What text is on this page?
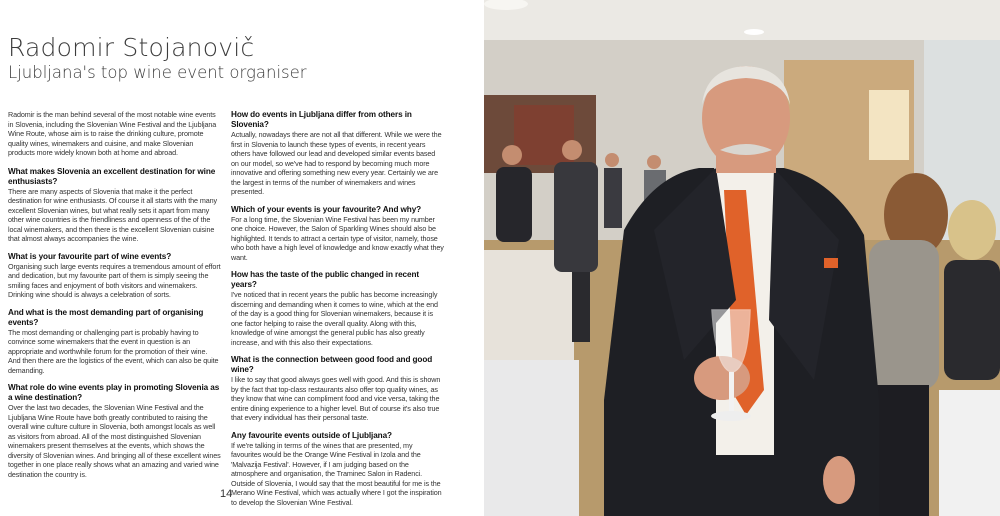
Radomir Stojanovič
Ljubljana's top wine event organiser

Radomir is the man behind several of the most notable wine events in Slovenia, including the Slovenian Wine Festival and the Ljubljana Wine Route, whose aim is to raise the drinking culture, promote quality wines, winemakers and cuisine, and make Slovenian products more widely known both at home and abroad.

What makes Slovenia an excellent destination for wine enthusiasts?

There are many aspects of Slovenia that make it the perfect destination for wine enthusiasts. Of course it all starts with the many excellent Slovenian wines, but what really sets it apart from many other wine countries is the friendliness and openness of the of the local winemakers, and then there is the excellent Slovenian cuisine that almost always accompanies the wine.

What is your favourite part of wine events?

Organising such large events requires a tremendous amount of effort and dedication, but my favourite part of them is simply seeing the smiling faces and enjoyment of both visitors and winemakers. Drinking wine should is always a celebration of sorts.

And what is the most demanding part of organising events?

The most demanding or challenging part is probably having to convince some winemakers that the event in question is an appropriate and worthwhile forum for the promotion of their wine. And then there are the logistics of the event, which can also be quite demanding.

What role do wine events play in promoting Slovenia as a wine destination?

Over the last two decades, the Slovenian Wine Festival and the Ljubljana Wine Route have both greatly contributed to raising the overall wine culture culture in Slovenia, both amongst locals as well as visitors from abroad. All of the most distinguished Slovenian winemakers present themselves at the events, which shows the diversity of Slovenian wines. And bringing all of these excellent wines together in one place really shows what an amazing and varied wine destination the country is.

How do events in Ljubljana differ from others in Slovenia?

Actually, nowadays there are not all that different. While we were the first in Slovenia to launch these types of events, in recent years others have followed our lead and developed similar events based on our model, so we've had to respond by becoming much more innovative and offering something new every year. Certainly we are the largest in terms of the number of winemakers and wines presented.

Which of your events is your favourite? And why?

For a long time, the Slovenian Wine Festival has been my number one choice. However, the Salon of Sparkling Wines should also be highlighted. It tends to attract a certain type of visitor, namely, those who both have a high level of knowledge and know exactly what they want.

How has the taste of the public changed in recent years?

I've noticed that in recent years the public has become increasingly discerning and demanding when it comes to wine, which at the end of the day is a good thing for Slovenian winemakers, because it is one factor helping to raise the overall quality. Along with this, knowledge of wine amongst the general public has also greatly increase, and with this also their expectations.

What is the connection between good food and good wine?

I like to say that good always goes well with good. And this is shown by the fact that top-class restaurants also offer top quality wines, as they know that wine can compliment food and vice versa, taking the entire dining experience to a higher level. But of course it's also true that every individual has their personal taste.

Any favourite events outside of Ljubljana?

If we're talking in terms of the wines that are presented, my favourites would be the Orange Wine Festival in Izola and the 'Malvazija Festival'. However, if I am judging based on the atmosphere and organisation, the Traminec Salon in Radenci. Outside of Slovenia, I would say that the most beautiful for me is the Merano Wine Festival, which was actually where I got the inspiration to develop the Slovenian Wine Festival.

14
